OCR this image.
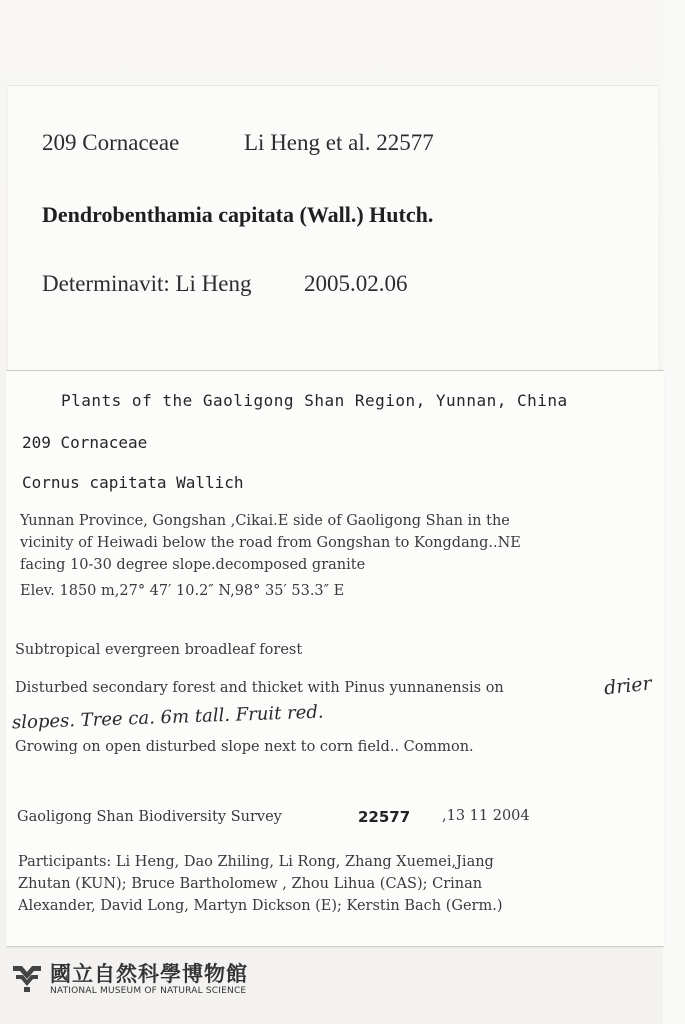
209 Cornaceae	Li Heng et al. 22577
Dendrobenthamia capitata (Wall.) Hutch.
Determinavit: Li Heng 2005.02.06
Plants of the Gaoligong Shan Region, Yunnan, China
209 Cornaceae
Cornus capitata Wallich
Yunnan Province, Gongshan ,Cikai.E side of Gaoligong Shan in the
vicinity of Heiwadi below the road from Gongshan to Kongdang..NE
facing 10-30 degree slope.decomposed granite
Elev. 1850 m,27° 47′ 10.2″ N,98° 35′ 53.3″ E
Subtropical evergreen broadleaf forest
Disturbed secondary forest and thicket with Pinus yunnanensis on	drier
slopes. Tree ca. 6m tall. Fruit red.
Growing on open disturbed slope next to corn field.. Common.
Gaoligong Shan Biodiversity Survey	22577 ,13 11 2004
Participants: Li Heng, Dao Zhiling, Li Rong, Zhang Xuemei,Jiang
Zhutan (KUN); Bruce Bartholomew , Zhou Lihua (CAS); Crinan
Alexander, David Long, Martyn Dickson (E); Kerstin Bach (Germ.)
國立自然科學博物館
NATIONAL MUSEUM OF NATURAL SCIENCE
